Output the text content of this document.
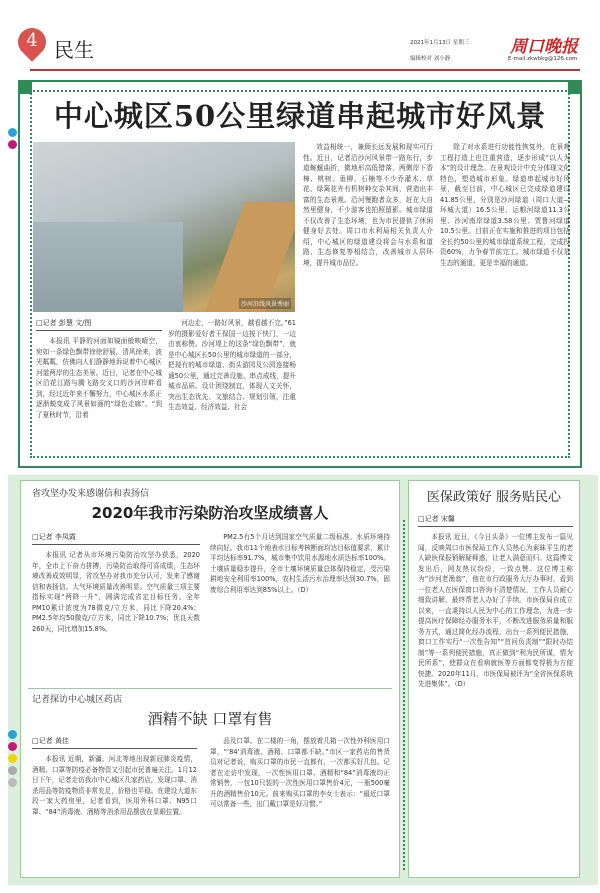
4 民生	2021年1月13日 星期三
编辑校对 刘小静
周口晚报
E-mail:zkwbkg@126.com
中心城区50公里绿道串起城市好风景
沙河沿线风景秀丽
□记者 彭慧 文/图

本报讯 平静的河面如镜面般映晴空，宛如一条绿色飘带徐徐舒展，清风徐来，波光粼粼，仿佛向人们静静地诉说着中心城区河道两岸的生态美景。近日，记者在中心城区沿花江路与腾飞路交叉口的沙河岸畔看到，经过近年来不懈努力，中心城区水系正逐渐蜕变成了风景如画的“绿色走廊”。“到了夏秋时节，沿着

河边走，一路好风景，越看越不完。”61岁的摄影爱好者王保国一边按下快门，一边由衷称赞。沙河堤上的这条“绿色飘带”，就是中心城区长50公里的城市绿道的一部分，把现有的城市绿道、街头游园及公园连接畅通50公里，通过完善设施、串点成线，提升城市品质。设计团绕制宜，体现人文关怀，突出生态优先、文旅结合、规划引领，注重生态效益、经济效益、社会

效益相统一，兼顾长远发展和现实可行性。近日，记者沿沙河风景带一路东行，步道蜿蜒曲折，微地形高低错落，两侧岸下香樟、桃树、垂柳、石楠等不少乔灌木、草花、绿篱花卉有机树种交杂其间，营造出丰富的生态景观。沿河慢跑者众多，赶在大自然里健身，不少游客也拍照留影。城市绿道不仅改善了生态环境，也为市民提供了休闲健身好去处。周口市水利局相关负责人介绍，中心城区的绿道建设将会与水系和道路、生态修复等相结合，改善城市人居环境，提升城市品位。

除了对水系进行功能性恢复外，在景观工程打造上也注重营造，逐步形成“以人为本”的设计理念。在景观设计中充分体现文化特色，塑造城市形象。绿道串起城市好风景，截至目前，中心城区已完成绿道建设41.85公里，分别是沙河绿道（周口大道—环城大道）16.5公里、运粮河绿道11.3公里、沙河南岸绿道3.58公里、贾鲁河绿道10.5公里。目前正在实施和推进的项目包括全长约50公里的城市绿道系统工程，完成投资60%，力争春节前完工。城市绿道不仅是生态的通道，更是幸福的通道。

省攻坚办发来感谢信和表扬信
2020年我市污染防治攻坚成绩喜人
□记者 李凤霞

本报讯 记者从市环境污染防治攻坚办获悉，2020年，全市上下奋力拼搏，污染防治取得可喜成绩，生态环境改善成效明显，省攻坚办对我市充分认可，发来了感谢信和表扬信。大气环境质量改善明显。空气质量三项主要指标实现“两降一升”，圆满完成省定目标任务。全年PM10累计浓度为78微克/立方米，同比下降20.4%；PM2.5年均50微克/立方米，同比下降10.7%；优良天数260天，同比增加15.8%。

PM2.5有5个月达到国家空气质量二级标准。水质环境持续向好。我市11个地表水目标考核断面均达目标值要求，累计平均达标率91.7%，城市集中饮用水源地水质达标率100%。土壤质量稳步提升，全市土壤环境质量总体保持稳定，受污染耕地安全利用率100%，农村生活污水治理率达到30.7%，固废综合利用率达到85%以上。（D）

记者探访中心城区药店
酒精不缺 口罩有售
□记者 黄佳

本报讯 近期，新疆、河北等地出现新冠肺炎疫情，酒精、口罩等防疫必备物资又引起市民普遍关注。1月12日下午，记者走访我市中心城区几家药店，发现口罩、消杀用品等防疫物资非常充足，价格也平稳。在建设大道东段一家大药房里，记者看到，医用外科口罩、N95口罩、“84”消毒液、酒精等消杀用品摆放在显眼位置。

品及口罩。在二楼的一角，摆放着几箱一次性外科医用口罩，“‘84’消毒液、酒精、口罩都不缺。”市区一家药店的售货员对记者说，购买口罩的市民一直都有，一次都买好几包。记者在走访中发现，一次性医用口罩、酒精和“84”消毒液均正常销售，一包10只装的一次性医用口罩售价4元，一瓶500毫升的酒精售价10元。前来购买口罩的李女士表示：“最近口罩可以常备一些，出门戴口罩是好习惯。”

医保政策好 服务贴民心
□记者 宋馨

本报讯 近日，《今日头条》一位博主发布一篇见闻，反映周口市医保局工作人员热心为素昧平生的老人缺医保报销解疑释惑，让老人满意而归。这篇博文发出后，网友热议纷纷，一致点赞。这位博主称为“沙河老渔翁”，他在市行政服务大厅办事时，看到一位老人在医保窗口咨询不清楚情况，工作人员耐心细致讲解，最终帮老人办好了手续。市医保局自成立以来，一直秉持以人民为中心的工作理念，为进一步提高医疗保障经办服务水平，不断改进服务质量和服务方式，通过简化经办流程，出台一系列便民措施，窗口工作实行“一次性告知”“首问负责制”“限时办结制”等一系列便民措施，真正做到“利为民所谋，情为民所系”，使群众在看病就医等方面都变得极为方便快捷。2020年11月，市医保局被评为“全省医保系统先进集体”。（D）
